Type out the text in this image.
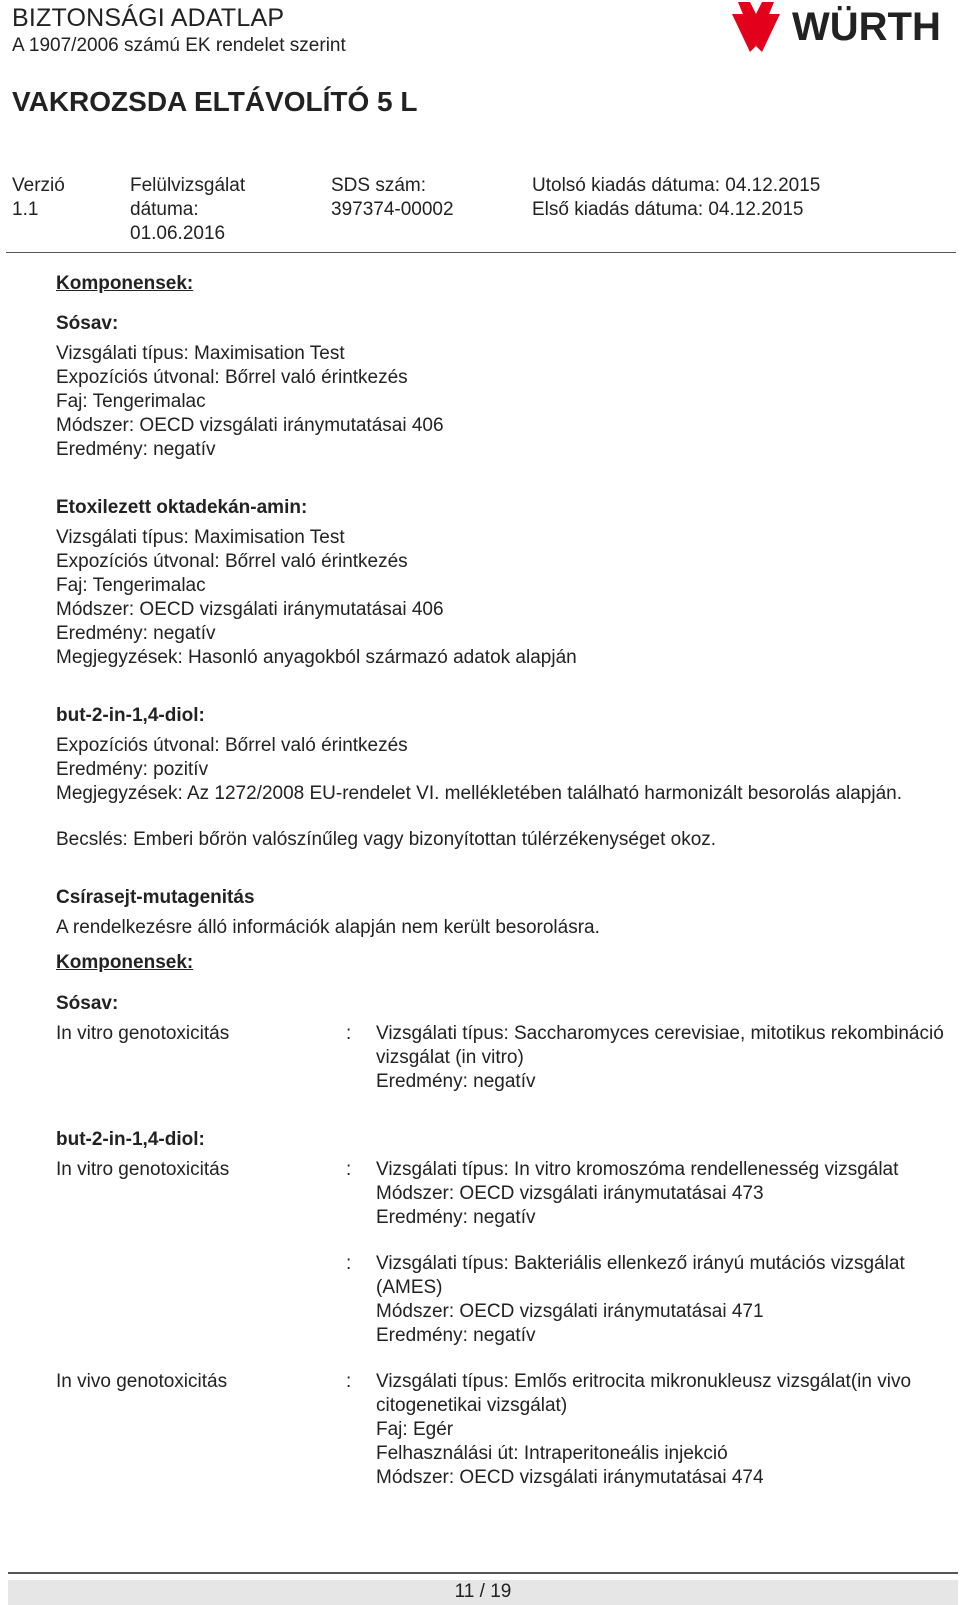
BIZTONSÁGI ADATLAP
A 1907/2006 számú EK rendelet szerint
VAKROZSDA ELTÁVOLÍTÓ 5 L
WÜRTH
Verzió
1.1
Felülvizsgálat
dátuma:
01.06.2016
SDS szám:
397374-00002
Utolsó kiadás dátuma: 04.12.2015
Első kiadás dátuma: 04.12.2015

Komponensek:

Sósav:

Vizsgálati típus: Maximisation Test

Expozíciós útvonal: Bőrrel való érintkezés

Faj: Tengerimalac

Módszer: OECD vizsgálati iránymutatásai 406

Eredmény: negatív

Etoxilezett oktadekán-amin:

Vizsgálati típus: Maximisation Test

Expozíciós útvonal: Bőrrel való érintkezés

Faj: Tengerimalac

Módszer: OECD vizsgálati iránymutatásai 406

Eredmény: negatív

Megjegyzések: Hasonló anyagokból származó adatok alapján

but-2-in-1,4-diol:

Expozíciós útvonal: Bőrrel való érintkezés

Eredmény: pozitív

Megjegyzések: Az 1272/2008 EU-rendelet VI. mellékletében található harmonizált besorolás alapján.

Becslés: Emberi bőrön valószínűleg vagy bizonyítottan túlérzékenységet okoz.

Csírasejt-mutagenitás

A rendelkezésre álló információk alapján nem került besorolásra.

Komponensek:

Sósav:

In vitro genotoxicitás	:	Vizsgálati típus: Saccharomyces cerevisiae, mitotikus rekombináció vizsgálat (in vitro)

Eredmény: negatív

but-2-in-1,4-diol:

In vitro genotoxicitás	:	Vizsgálati típus: In vitro kromoszóma rendellenesség vizsgálat

Módszer: OECD vizsgálati iránymutatásai 473

Eredmény: negatív

:	Vizsgálati típus: Bakteriális ellenkező irányú mutációs vizsgálat (AMES)

Módszer: OECD vizsgálati iránymutatásai 471

Eredmény: negatív

In vivo genotoxicitás	:	Vizsgálati típus: Emlős eritrocita mikronukleusz vizsgálat(in vivo citogenetikai vizsgálat)

Faj: Egér

Felhasználási út: Intraperitoneális injekció

Módszer: OECD vizsgálati iránymutatásai 474

11 / 19
